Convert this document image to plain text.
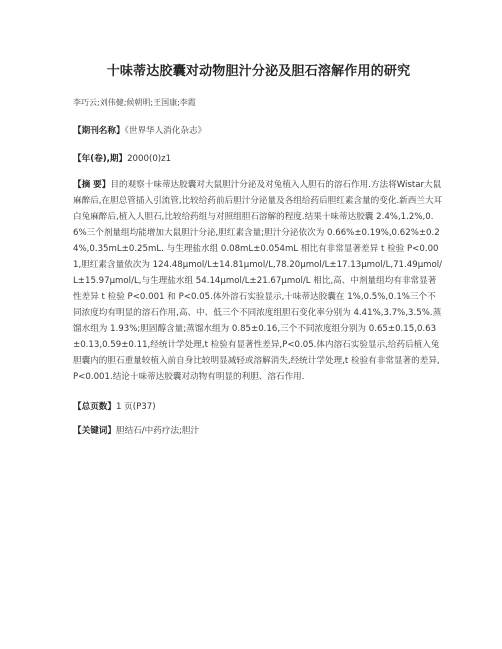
十味蒂达胶囊对动物胆汁分泌及胆石溶解作用的研究
李巧云;刘伟健;候朝明;王国康;李霞
【期刊名称】《世界华人消化杂志》
【年(卷),期】2000(0)z1
【摘 要】目的观察十味蒂达胶囊对大鼠胆汁分泌及对兔植入人胆石的溶石作用.方法将Wistar大鼠麻醉后,在胆总管插入引流管,比较给药前后胆汁分泌量及各组给药后胆红素含量的变化.新西兰大耳白兔麻醉后,植入人胆石,比较给药组与对照组胆石溶解的程度.结果十味蒂达胶囊 2.4%,1.2%,0.6%三个剂量组均能增加大鼠胆汁分泌,胆红素含量;胆汁分泌依次为 0.66%±0.19%,0.62%±0.24%,0.35mL±0.25mL. 与生理盐水组 0.08mL±0.054mL 相比有非常显著差异 t 检验 P<0.001,胆红素含量依次为 124.48μmol/L±14.81μmol/L,78.20μmol/L±17.13μmol/L,71.49μmol/L±15.97μmol/L,与生理盐水组 54.14μmol/L±21.67μmol/L 相比,高、中剂量组均有非常显著性差异 t 检验 P<0.001 和 P<0.05.体外溶石实验显示,十味蒂达胶囊在 1%,0.5%,0.1%三个不同浓度均有明显的溶石作用,高、中、低三个不同浓度组胆石变化率分别为 4.41%,3.7%,3.5%.蒸馏水组为 1.93%;胆固醇含量;蒸馏水组为 0.85±0.16,三个不同浓度组分别为 0.65±0.15,0.63±0.13,0.59±0.11,经统计学处理,t 检验有显著性差异,P<0.05.体内溶石实验显示,给药后植入兔胆囊内的胆石重量较植入前自身比较明显减轻或溶解消失,经统计学处理,t 检验有非常显著的差异,P<0.001.结论十味蒂达胶囊对动物有明显的利胆、溶石作用.
【总页数】1 页(P37)
【关键词】胆结石/中药疗法;胆汁
